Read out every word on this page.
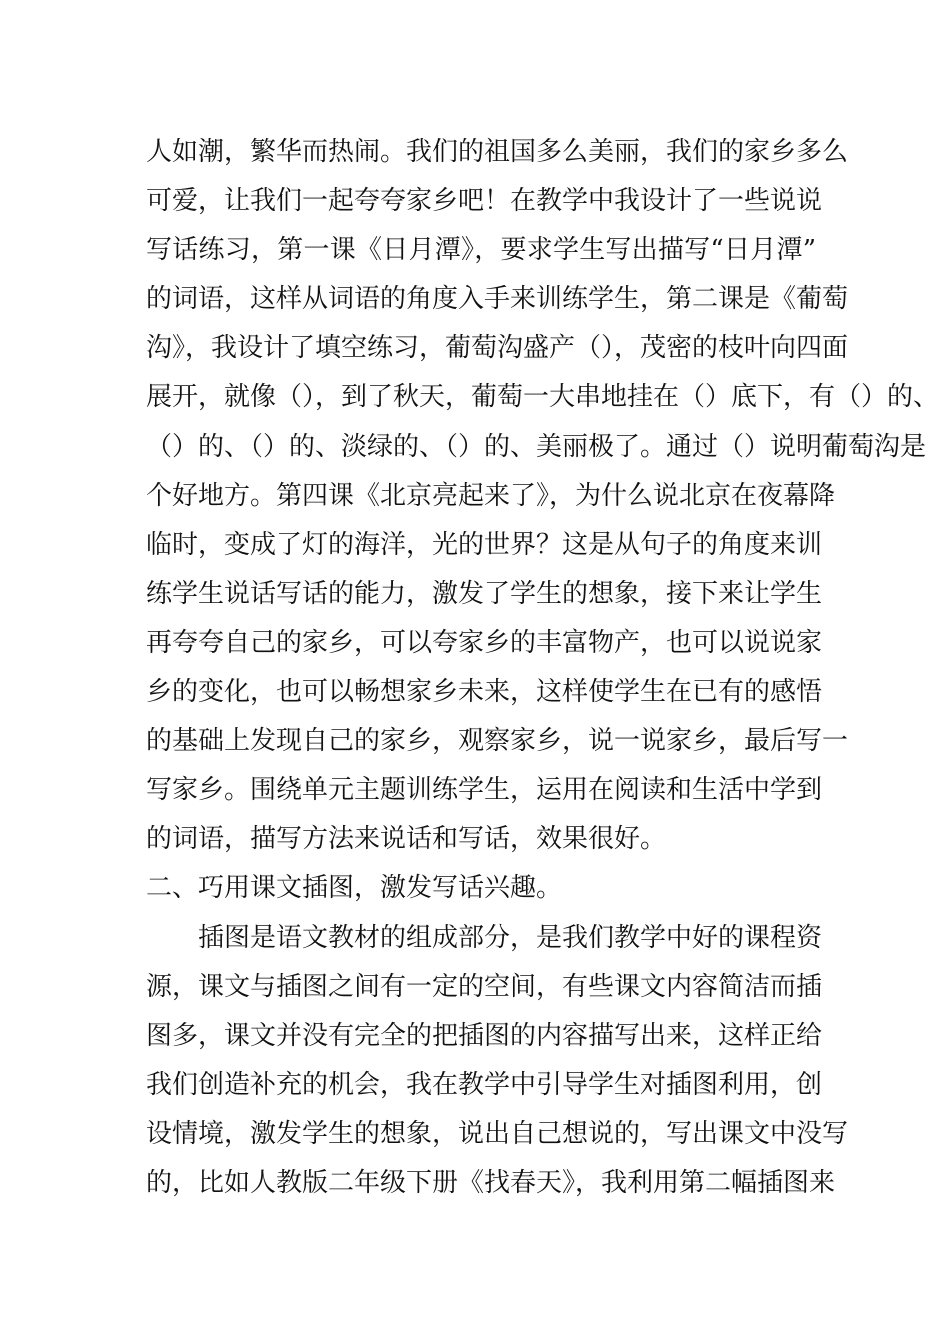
人如潮，繁华而热闹。我们的祖国多么美丽，我们的家乡多么
可爱，让我们一起夸夸家乡吧！在教学中我设计了一些说说
写话练习，第一课《日月潭》，要求学生写出描写“日月潭”
的词语，这样从词语的角度入手来训练学生，第二课是《葡萄
沟》，我设计了填空练习，葡萄沟盛产（），茂密的枝叶向四面
展开，就像（），到了秋天，葡萄一大串地挂在（）底下，有（）的、
（）的、（）的、淡绿的、（）的、美丽极了。通过（）说明葡萄沟是
个好地方。第四课《北京亮起来了》，为什么说北京在夜幕降
临时，变成了灯的海洋，光的世界？这是从句子的角度来训
练学生说话写话的能力，激发了学生的想象，接下来让学生
再夸夸自己的家乡，可以夸家乡的丰富物产，也可以说说家
乡的变化，也可以畅想家乡未来，这样使学生在已有的感悟
的基础上发现自己的家乡，观察家乡，说一说家乡，最后写一
写家乡。围绕单元主题训练学生，运用在阅读和生活中学到
的词语，描写方法来说话和写话，效果很好。
二、巧用课文插图，激发写话兴趣。
插图是语文教材的组成部分，是我们教学中好的课程资
源，课文与插图之间有一定的空间，有些课文内容简洁而插
图多，课文并没有完全的把插图的内容描写出来，这样正给
我们创造补充的机会，我在教学中引导学生对插图利用，创
设情境，激发学生的想象，说出自己想说的，写出课文中没写
的，比如人教版二年级下册《找春天》，我利用第二幅插图来
